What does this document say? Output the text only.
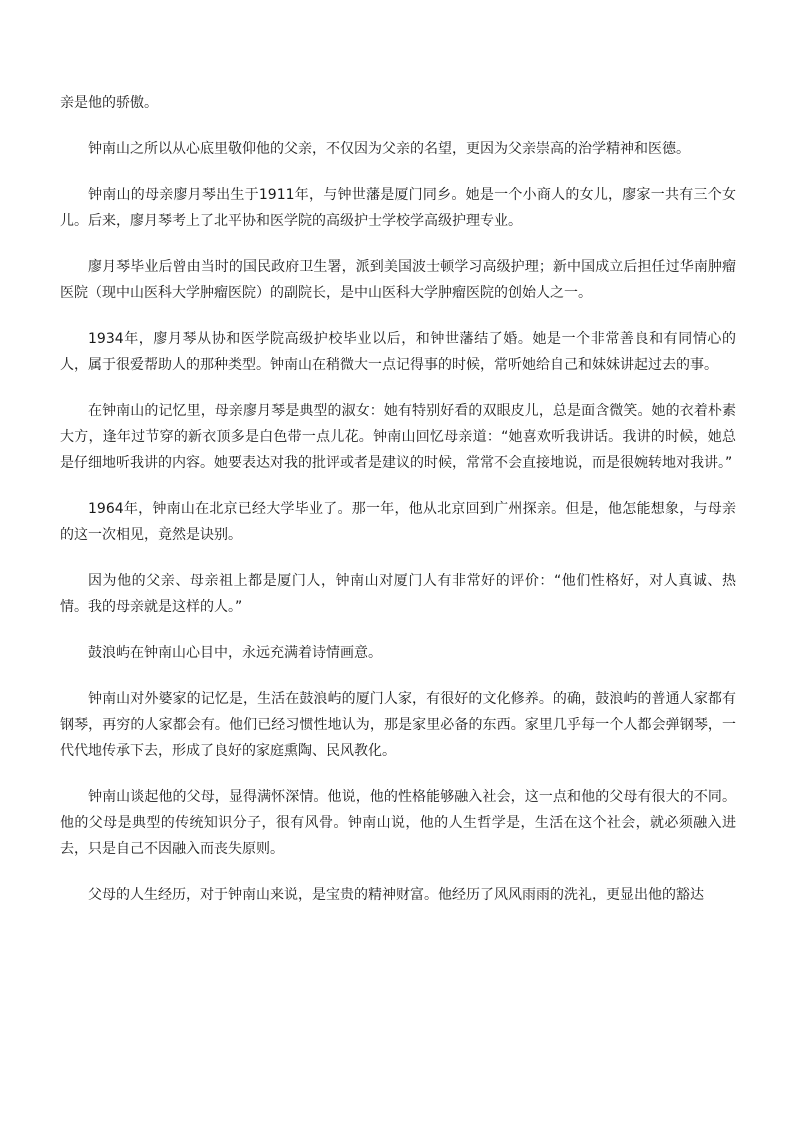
亲是他的骄傲。

钟南山之所以从心底里敬仰他的父亲，不仅因为父亲的名望，更因为父亲崇高的治学精神和医德。

钟南山的母亲廖月琴出生于1911年，与钟世藩是厦门同乡。她是一个小商人的女儿，廖家一共有三个女儿。后来，廖月琴考上了北平协和医学院的高级护士学校学高级护理专业。

廖月琴毕业后曾由当时的国民政府卫生署，派到美国波士顿学习高级护理；新中国成立后担任过华南肿瘤医院（现中山医科大学肿瘤医院）的副院长，是中山医科大学肿瘤医院的创始人之一。

1934年，廖月琴从协和医学院高级护校毕业以后，和钟世藩结了婚。她是一个非常善良和有同情心的人，属于很爱帮助人的那种类型。钟南山在稍微大一点记得事的时候，常听她给自己和妹妹讲起过去的事。

在钟南山的记忆里，母亲廖月琴是典型的淑女：她有特别好看的双眼皮儿，总是面含微笑。她的衣着朴素大方，逢年过节穿的新衣顶多是白色带一点儿花。钟南山回忆母亲道：“她喜欢听我讲话。我讲的时候，她总是仔细地听我讲的内容。她要表达对我的批评或者是建议的时候，常常不会直接地说，而是很婉转地对我讲。”

1964年，钟南山在北京已经大学毕业了。那一年，他从北京回到广州探亲。但是，他怎能想象，与母亲的这一次相见，竟然是诀别。

因为他的父亲、母亲祖上都是厦门人，钟南山对厦门人有非常好的评价：“他们性格好，对人真诚、热情。我的母亲就是这样的人。”

鼓浪屿在钟南山心目中，永远充满着诗情画意。

钟南山对外婆家的记忆是，生活在鼓浪屿的厦门人家，有很好的文化修养。的确，鼓浪屿的普通人家都有钢琴，再穷的人家都会有。他们已经习惯性地认为，那是家里必备的东西。家里几乎每一个人都会弹钢琴，一代代地传承下去，形成了良好的家庭熏陶、民风教化。

钟南山谈起他的父母，显得满怀深情。他说，他的性格能够融入社会，这一点和他的父母有很大的不同。他的父母是典型的传统知识分子，很有风骨。钟南山说，他的人生哲学是，生活在这个社会，就必须融入进去，只是自己不因融入而丧失原则。

父母的人生经历，对于钟南山来说，是宝贵的精神财富。他经历了风风雨雨的洗礼，更显出他的豁达
